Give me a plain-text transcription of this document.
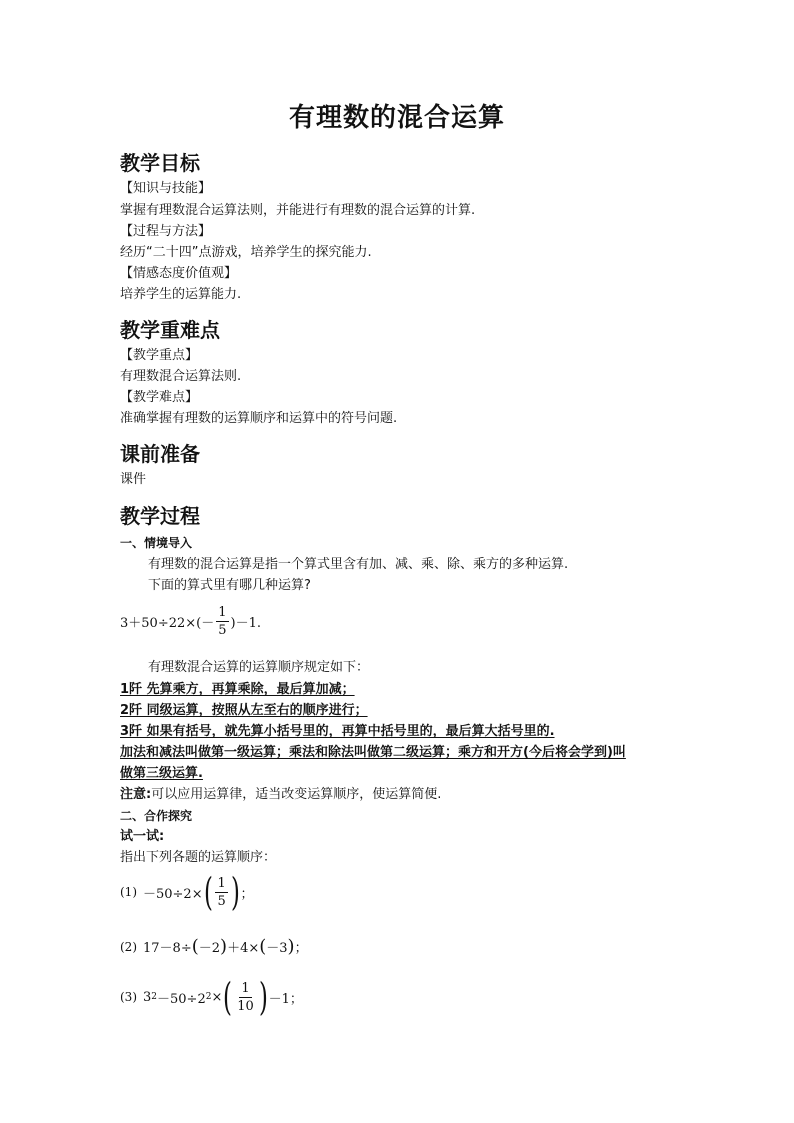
有理数的混合运算
教学目标
【知识与技能】
掌握有理数混合运算法则，并能进行有理数的混合运算的计算.
【过程与方法】
经历“二十四”点游戏，培养学生的探究能力.
【情感态度价值观】
培养学生的运算能力.
教学重难点
【教学重点】
有理数混合运算法则.
【教学难点】
准确掌握有理数的运算顺序和运算中的符号问题.
课前准备
课件
教学过程
一、情境导入
有理数的混合运算是指一个算式里含有加、减、乘、除、乘方的多种运算.
下面的算式里有哪几种运算?
$3+50\div 22\times(- \frac{1}{5} )-1$.
有理数混合运算的运算顺序规定如下：
1阡 先算乘方，再算乘除，最后算加减；
2阡 同级运算，按照从左至右的顺序进行；
3阡 如果有括号，就先算小括号里的，再算中括号里的，最后算大括号里的.
加法和减法叫做第一级运算；乘法和除法叫做第二级运算；乘方和开方(今后将会学到)叫
做第三级运算.
注意:可以应用运算律，适当改变运算顺序，使运算简便.
二、合作探究
试一试:
指出下列各题的运算顺序：
(1) －50÷2× ( $\frac{1}{5}$ ) ；
(2) 17－8÷ ( －2 ) ＋4× ( －3 ) ；
(3) 3 2 －50÷2 2 × ( $\frac{1}{10}$ ) －1；
